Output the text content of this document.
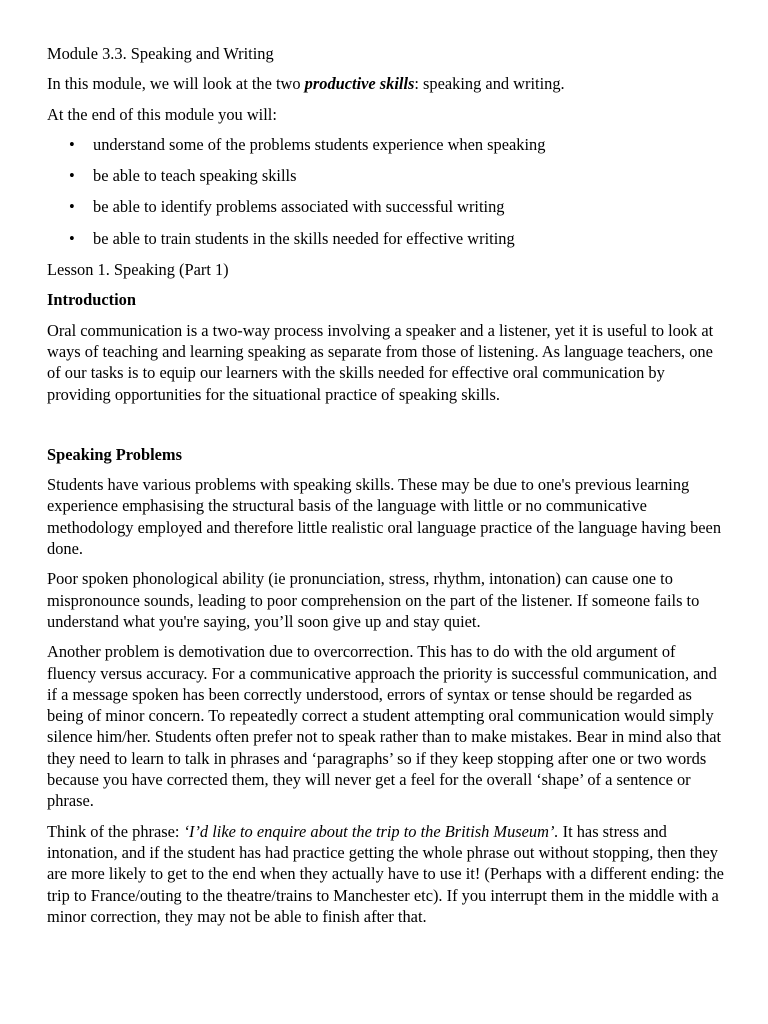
Module 3.3. Speaking and Writing

In this module, we will look at the two productive skills: speaking and writing.

At the end of this module you will:

• understand some of the problems students experience when speaking
• be able to teach speaking skills
• be able to identify problems associated with successful writing
• be able to train students in the skills needed for effective writing

Lesson 1. Speaking (Part 1)

Introduction

Oral communication is a two-way process involving a speaker and a listener, yet it is useful to look at ways of teaching and learning speaking as separate from those of listening. As language teachers, one of our tasks is to equip our learners with the skills needed for effective oral communication by providing opportunities for the situational practice of speaking skills.

Speaking Problems

Students have various problems with speaking skills. These may be due to one's previous learning experience emphasising the structural basis of the language with little or no communicative methodology employed and therefore little realistic oral language practice of the language having been done.

Poor spoken phonological ability (ie pronunciation, stress, rhythm, intonation) can cause one to mispronounce sounds, leading to poor comprehension on the part of the listener. If someone fails to understand what you're saying, you’ll soon give up and stay quiet.

Another problem is demotivation due to overcorrection. This has to do with the old argument of fluency versus accuracy. For a communicative approach the priority is successful communication, and if a message spoken has been correctly understood, errors of syntax or tense should be regarded as being of minor concern. To repeatedly correct a student attempting oral communication would simply silence him/her. Students often prefer not to speak rather than to make mistakes. Bear in mind also that they need to learn to talk in phrases and ‘paragraphs’ so if they keep stopping after one or two words because you have corrected them, they will never get a feel for the overall ‘shape’ of a sentence or phrase.

Think of the phrase: ‘I’d like to enquire about the trip to the British Museum’. It has stress and intonation, and if the student has had practice getting the whole phrase out without stopping, then they are more likely to get to the end when they actually have to use it! (Perhaps with a different ending: the trip to France/outing to the theatre/trains to Manchester etc). If you interrupt them in the middle with a minor correction, they may not be able to finish after that.
